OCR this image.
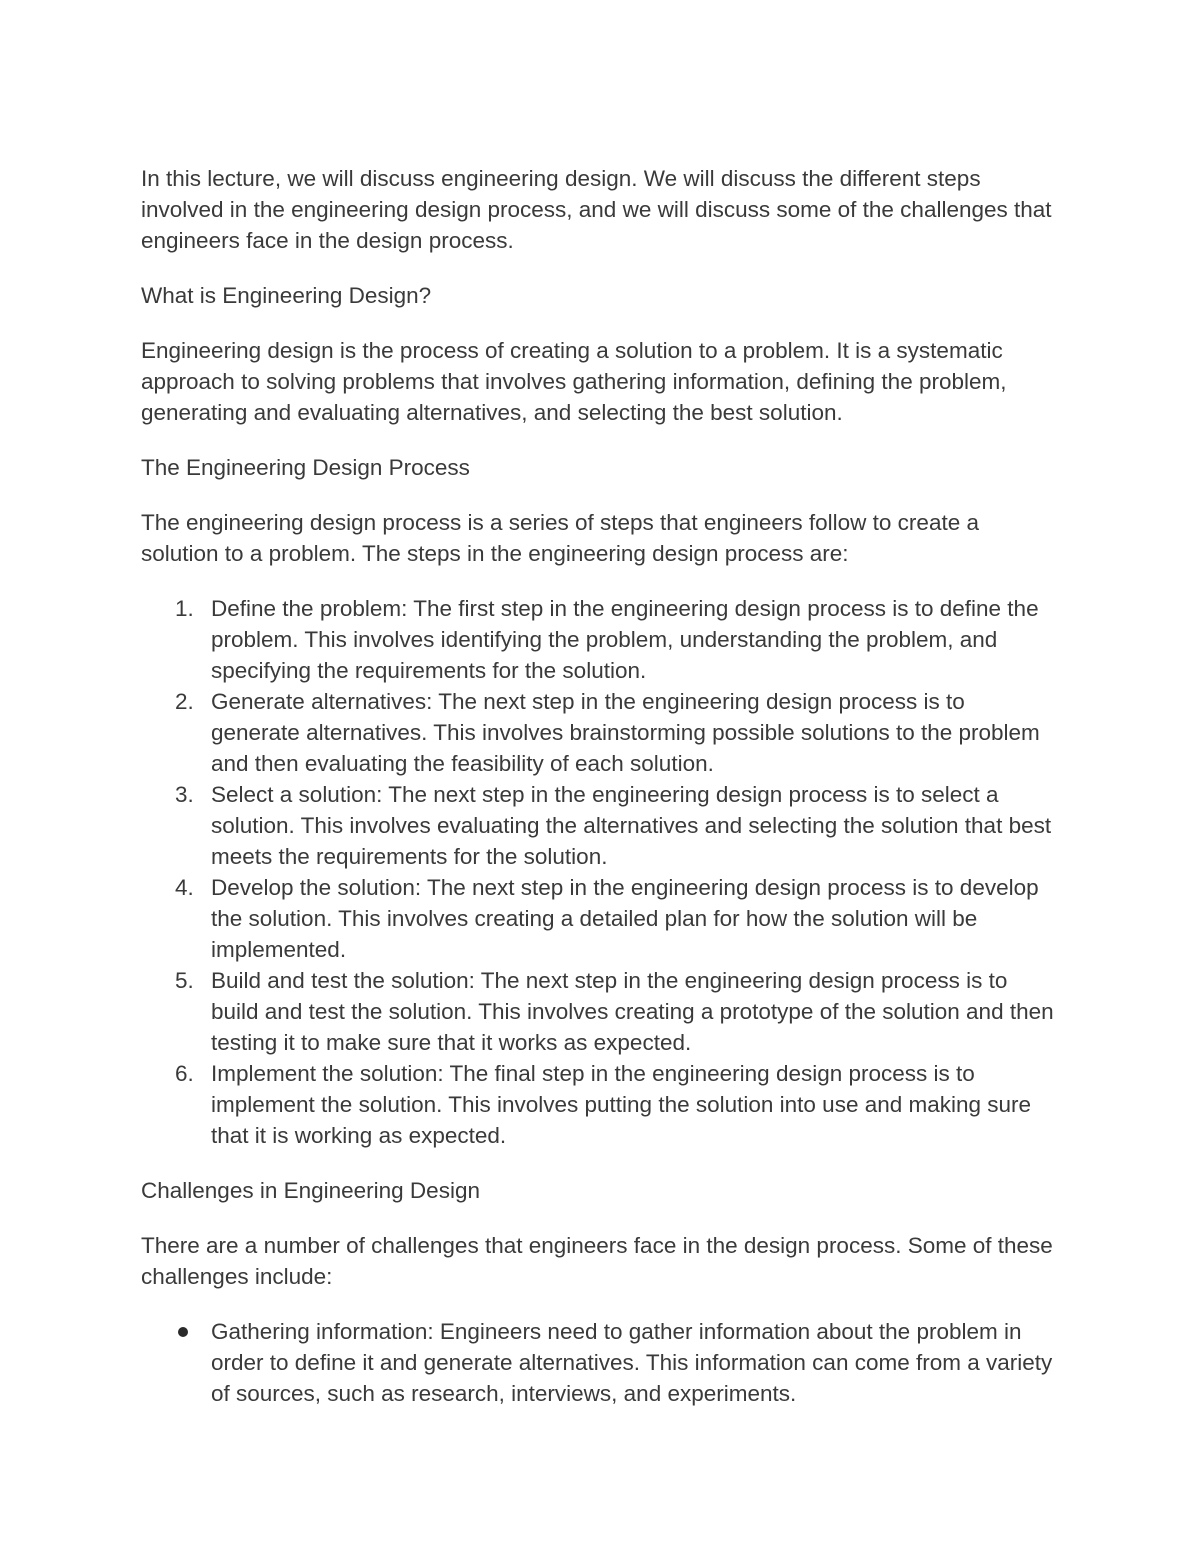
In this lecture, we will discuss engineering design. We will discuss the different steps involved in the engineering design process, and we will discuss some of the challenges that engineers face in the design process.

What is Engineering Design?

Engineering design is the process of creating a solution to a problem. It is a systematic approach to solving problems that involves gathering information, defining the problem, generating and evaluating alternatives, and selecting the best solution.

The Engineering Design Process

The engineering design process is a series of steps that engineers follow to create a solution to a problem. The steps in the engineering design process are:

1. Define the problem: The first step in the engineering design process is to define the problem. This involves identifying the problem, understanding the problem, and specifying the requirements for the solution.
2. Generate alternatives: The next step in the engineering design process is to generate alternatives. This involves brainstorming possible solutions to the problem and then evaluating the feasibility of each solution.
3. Select a solution: The next step in the engineering design process is to select a solution. This involves evaluating the alternatives and selecting the solution that best meets the requirements for the solution.
4. Develop the solution: The next step in the engineering design process is to develop the solution. This involves creating a detailed plan for how the solution will be implemented.
5. Build and test the solution: The next step in the engineering design process is to build and test the solution. This involves creating a prototype of the solution and then testing it to make sure that it works as expected.
6. Implement the solution: The final step in the engineering design process is to implement the solution. This involves putting the solution into use and making sure that it is working as expected.

Challenges in Engineering Design

There are a number of challenges that engineers face in the design process. Some of these challenges include:

Gathering information: Engineers need to gather information about the problem in order to define it and generate alternatives. This information can come from a variety of sources, such as research, interviews, and experiments.
